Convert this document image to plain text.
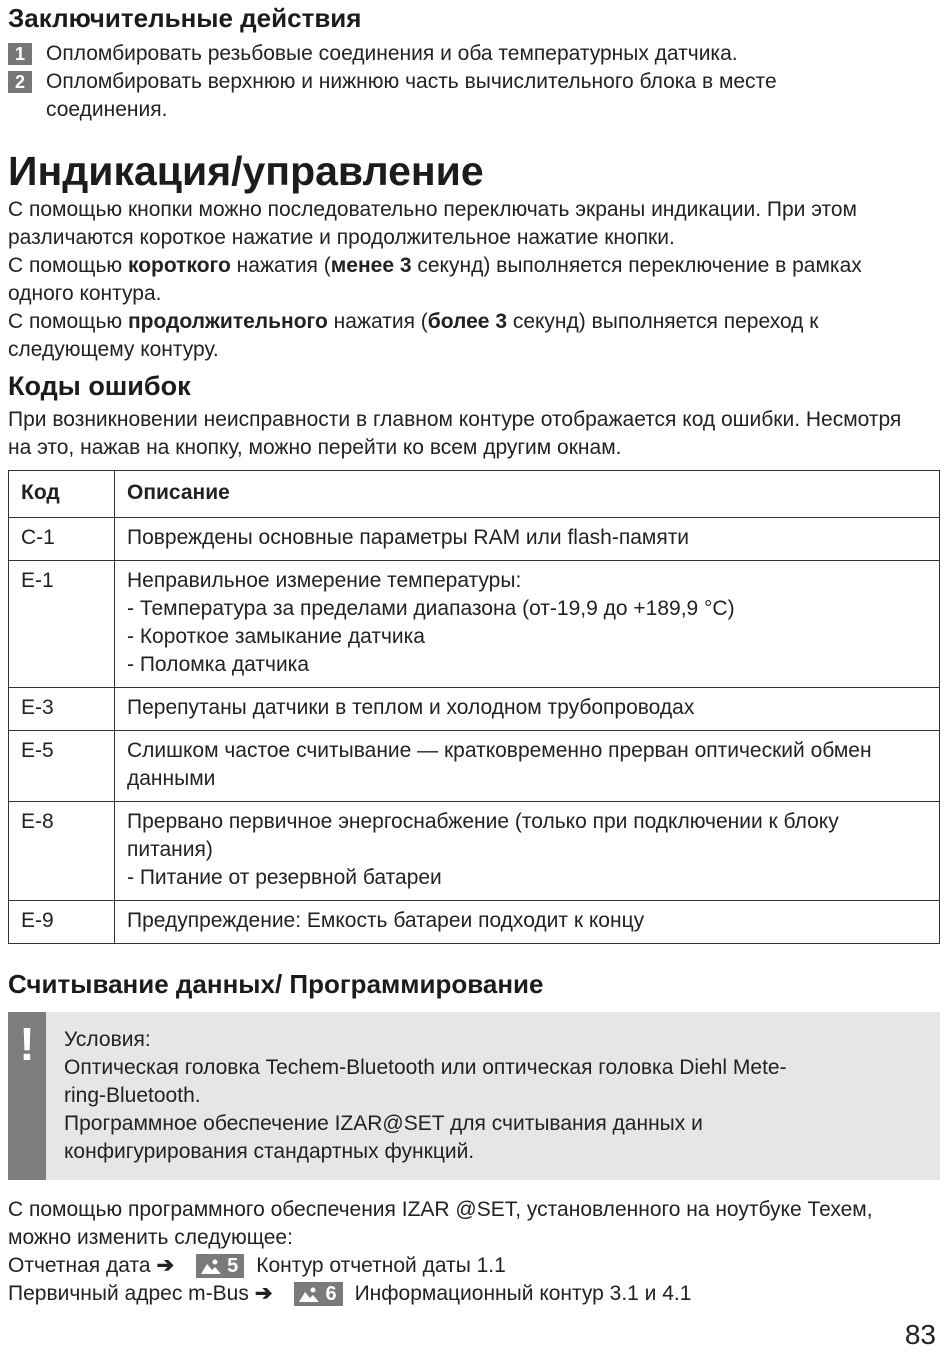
Заключительные действия
1	Опломбировать резьбовые соединения и оба температурных датчика.
2	Опломбировать верхнюю и нижнюю часть вычислительного блока в месте соединения.
Индикация/управление

С помощью кнопки можно последовательно переключать экраны индикации. При этом различаются короткое нажатие и продолжительное нажатие кнопки.

С помощью короткого нажатия (менее 3 секунд) выполняется переключение в рамках одного контура.

С помощью продолжительного нажатия (более 3 секунд) выполняется переход к следующему контуру.

Коды ошибок

При возникновении неисправности в главном контуре отображается код ошибки. Несмотря на это, нажав на кнопку, можно перейти ко всем другим окнам.

Код	Описание
C-1	Повреждены основные параметры RAM или flash-памяти

E-1	Неправильное измерение температуры:
- Температура за пределами диапазона (от-19,9 до +189,9 °C)
- Короткое замыкание датчика
- Поломка датчика

E-3	Перепутаны датчики в теплом и холодном трубопроводах

E-5	Слишком частое считывание — кратковременно прерван оптический обмен данными

E-8	Прервано первичное энергоснабжение (только при подключении к блоку питания)
- Питание от резервной батареи

E-9	Предупреждение: Емкость батареи подходит к концу
Считывание данных/ Программирование
!	Условия:
Оптическая головка Techem-Bluetooth или оптическая головка Diehl Mete-
ring-Bluetooth.
Программное обеспечение IZAR@SET для считывания данных и
конфигурирования стандартных функций.

С помощью программного обеспечения IZAR @SET, установленного на ноутбуке Техем, можно изменить следующее:

Отчетная дата ➔	5 Контур отчетной даты 1.1
Первичный адрес m-Bus ➔	6 Информационный контур 3.1 и 4.1
83
